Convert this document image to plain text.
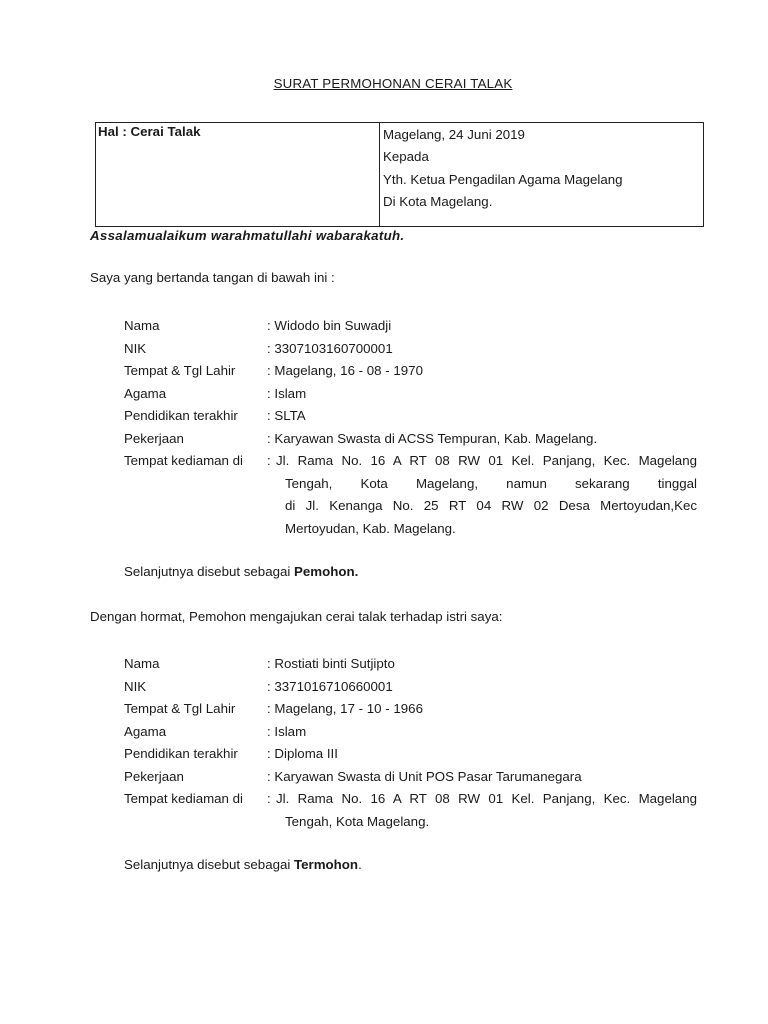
SURAT PERMOHONAN CERAI TALAK
Hal : Cerai Talak	Magelang, 24 Juni 2019
Kepada
Yth. Ketua Pengadilan Agama Magelang
Di Kota Magelang.
Assalamualaikum warahmatullahi wabarakatuh.
Saya yang bertanda tangan di bawah ini :
Nama	: Widodo bin Suwadji
NIK	: 3307103160700001
Tempat & Tgl Lahir : Magelang, 16 - 08 - 1970
Agama	: Islam
Pendidikan terakhir : SLTA
Pekerjaan	: Karyawan Swasta di ACSS Tempuran, Kab. Magelang.
Tempat kediaman di : Jl. Rama No. 16 A RT 08 RW 01 Kel. Panjang, Kec. Magelang
Tengah, Kota Magelang, namun sekarang tinggal
di Jl. Kenanga No. 25 RT 04 RW 02 Desa Mertoyudan,Kec
Mertoyudan, Kab. Magelang.
Selanjutnya disebut sebagai Pemohon.
Dengan hormat, Pemohon mengajukan cerai talak terhadap istri saya:
Nama	: Rostiati binti Sutjipto
NIK	: 3371016710660001
Tempat & Tgl Lahir : Magelang, 17 - 10 - 1966
Agama	: Islam
Pendidikan terakhir : Diploma III
Pekerjaan	: Karyawan Swasta di Unit POS Pasar Tarumanegara
Tempat kediaman di : Jl. Rama No. 16 A RT 08 RW 01 Kel. Panjang, Kec. Magelang
Tengah, Kota Magelang.
Selanjutnya disebut sebagai Termohon.
